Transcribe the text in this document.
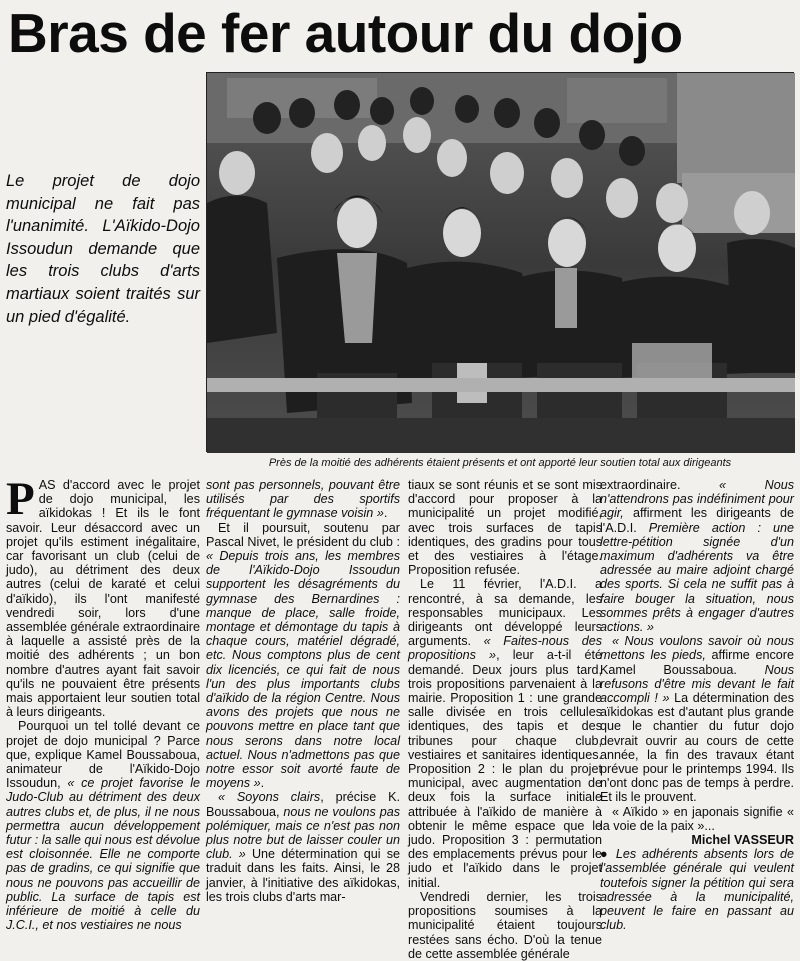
Bras de fer autour du dojo
Près de la moitié des adhérents étaient présents et ont apporté leur soutien total aux dirigeants
Le projet de dojo municipal ne fait pas l'unanimité. L'Aïkido-Dojo Issoudun demande que les trois clubs d'arts martiaux soient traités sur un pied d'égalité.

PAS d'accord avec le projet de dojo municipal, les aïkidokas ! Et ils le font savoir. Leur désaccord avec un projet qu'ils estiment inégalitaire, car favorisant un club (celui de judo), au détriment des deux autres (celui de karaté et celui d'aïkido), ils l'ont manifesté vendredi soir, lors d'une assemblée générale extraordinaire à laquelle a assisté près de la moitié des adhérents ; un bon nombre d'autres ayant fait savoir qu'ils ne pouvaient être présents mais apportaient leur soutien total à leurs dirigeants.

Pourquoi un tel tollé devant ce projet de dojo municipal ? Parce que, explique Kamel Boussaboua, animateur de l'Aïkido-Dojo Issoudun, « ce projet favorise le Judo-Club au détriment des deux autres clubs et, de plus, il ne nous permettra aucun développement futur : la salle qui nous est dévolue est cloisonnée. Elle ne comporte pas de gradins, ce qui signifie que nous ne pouvons pas accueillir de public. La surface de tapis est inférieure de moitié à celle du J.C.I., et nos vestiaires ne nous

sont pas personnels, pouvant être utilisés par des sportifs fréquentant le gymnase voisin ».

Et il poursuit, soutenu par Pascal Nivet, le président du club : « Depuis trois ans, les membres de l'Aïkido-Dojo Issoudun supportent les désagréments du gymnase des Bernardines : manque de place, salle froide, montage et démontage du tapis à chaque cours, matériel dégradé, etc. Nous comptons plus de cent dix licenciés, ce qui fait de nous l'un des plus importants clubs d'aïkido de la région Centre. Nous avons des projets que nous ne pouvons mettre en place tant que nous serons dans notre local actuel. Nous n'admettons pas que notre essor soit avorté faute de moyens ».

« Soyons clairs, précise K. Boussaboua, nous ne voulons pas polémiquer, mais ce n'est pas non plus notre but de laisser couler un club. » Une détermination qui se traduit dans les faits. Ainsi, le 28 janvier, à l'initiative des aïkidokas, les trois clubs d'arts mar-

tiaux se sont réunis et se sont mis d'accord pour proposer à la municipalité un projet modifié, avec trois surfaces de tapis identiques, des gradins pour tous et des vestiaires à l'étage. Proposition refusée.

Le 11 février, l'A.D.I. a rencontré, à sa demande, les responsables municipaux. Les dirigeants ont développé leurs arguments. « Faites-nous des propositions », leur a-t-il été demandé. Deux jours plus tard, trois propositions parvenaient à la mairie. Proposition 1 : une grande salle divisée en trois cellules identiques, des tapis et des tribunes pour chaque club, vestiaires et sanitaires identiques. Proposition 2 : le plan du projet municipal, avec augmentation de deux fois la surface initiale attribuée à l'aïkido de manière à obtenir le même espace que le judo. Proposition 3 : permutation des emplacements prévus pour le judo et l'aïkido dans le projet initial.

Vendredi dernier, les trois propositions soumises à la municipalité étaient toujours restées sans écho. D'où la tenue de cette assemblée générale

extraordinaire. « Nous n'attendrons pas indéfiniment pour agir, affirment les dirigeants de l'A.D.I. Première action : une lettre-pétition signée d'un maximum d'adhérents va être adressée au maire adjoint chargé des sports. Si cela ne suffit pas à faire bouger la situation, nous sommes prêts à engager d'autres actions. »

« Nous voulons savoir où nous mettons les pieds, affirme encore Kamel Boussaboua. Nous refusons d'être mis devant le fait accompli ! » La détermination des aïkidokas est d'autant plus grande que le chantier du futur dojo devrait ouvrir au cours de cette année, la fin des travaux étant prévue pour le printemps 1994. Ils n'ont donc pas de temps à perdre. Et ils le prouvent.

« Aïkido » en japonais signifie « la voie de la paix »...

Michel VASSEUR

● Les adhérents absents lors de l'assemblée générale qui veulent toutefois signer la pétition qui sera adressée à la municipalité, peuvent le faire en passant au club.
